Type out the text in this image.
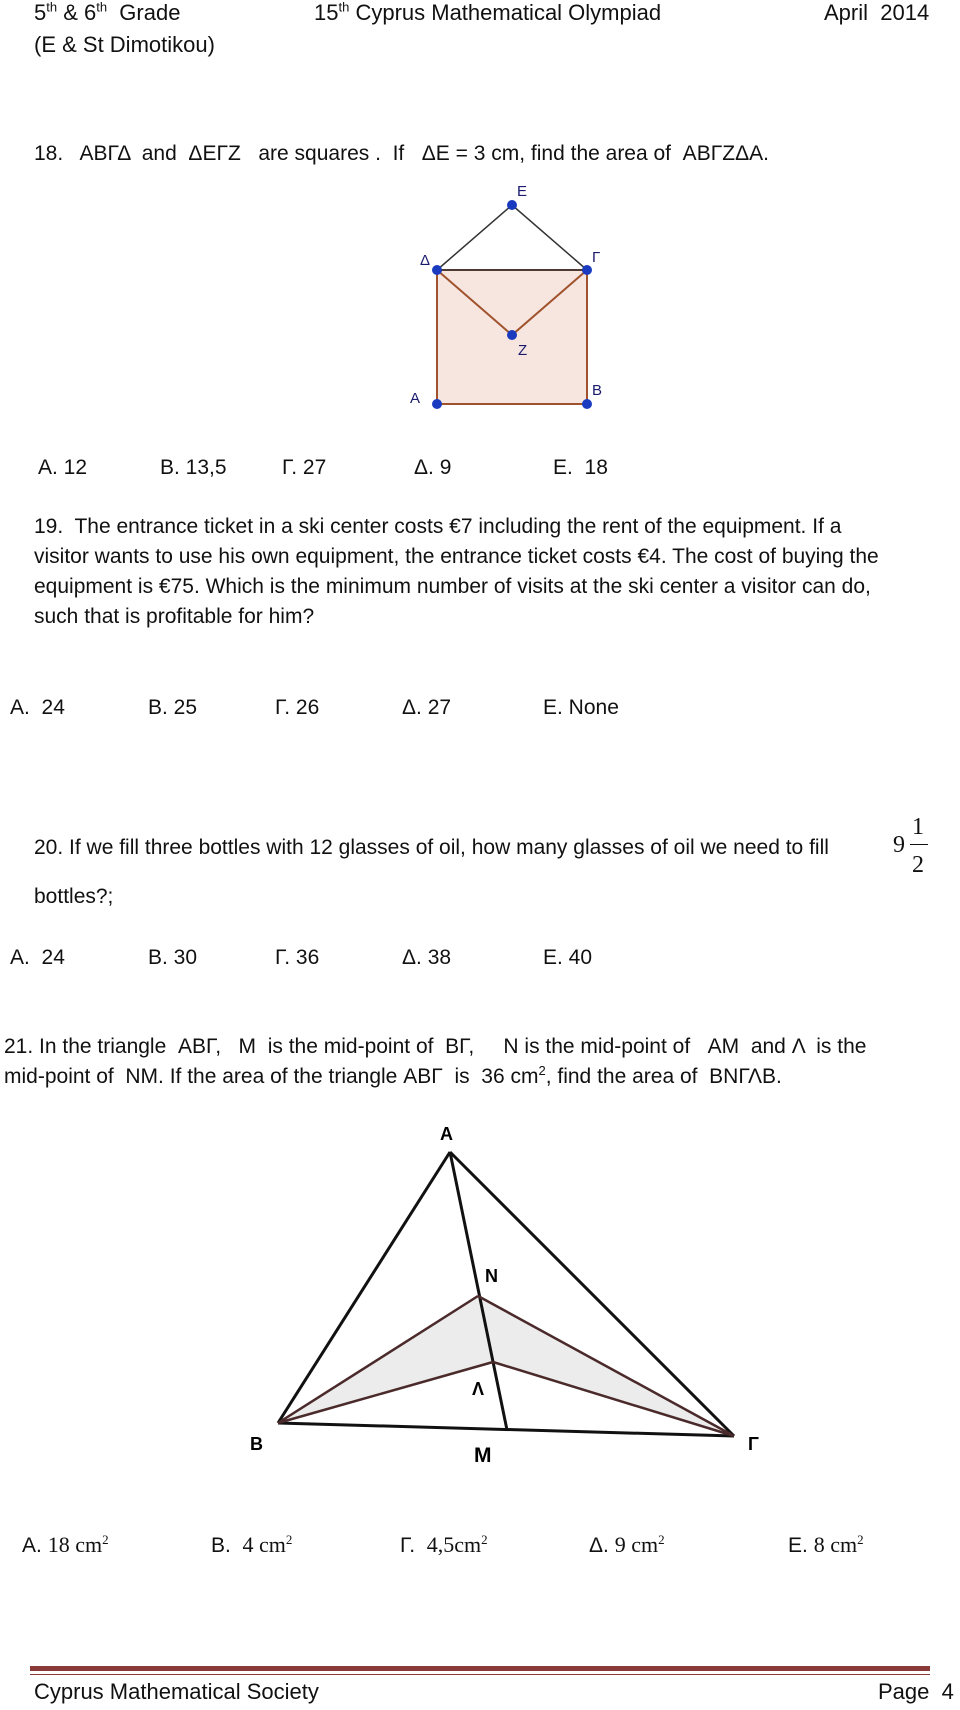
5th & 6th  Grade	15th Cyprus Mathematical Olympiad	April  2014
(E & St Dimotikou)
18.   ΑΒΓΔ  and  ΔΕΓΖ   are squares .  If   ΔΕ = 3 cm, find the area of  ΑΒΓΖΔΑ.
E
Δ	Γ
Z
A	B
Α. 12	Β. 13,5	Γ. 27	Δ. 9	Ε.  18
19.  The entrance ticket in a ski center costs €7 including the rent of the equipment. If a
visitor wants to use his own equipment, the entrance ticket costs €4. The cost of buying the
equipment is €75. Which is the minimum number of visits at the ski center a visitor can do,
such that is profitable for him?
Α.  24	Β. 25	Γ. 26	Δ. 27	Ε. None
20. If we fill three bottles with 12 glasses of oil, how many glasses of oil we need to fill	9
1
2
bottles?;
Α.  24	Β. 30	Γ. 36	Δ. 38	Ε. 40
21. In the triangle  ΑΒΓ,   Μ  is the mid-point of  ΒΓ,     Ν is the mid-point of   ΑΜ  and Λ  is the
mid-point of  ΝΜ. If the area of the triangle ΑΒΓ  is  36 $cm^2$, find the area of  ΒΝΓΛΒ.
A
N
Λ
B	M	Γ
Α. 18 $cm^2$	Β.  4 $cm^2$	Γ.  $4,5cm^2$	Δ. 9 $cm^2$	Ε. 8 $cm^2$
Cyprus Mathematical Society	Page  4
